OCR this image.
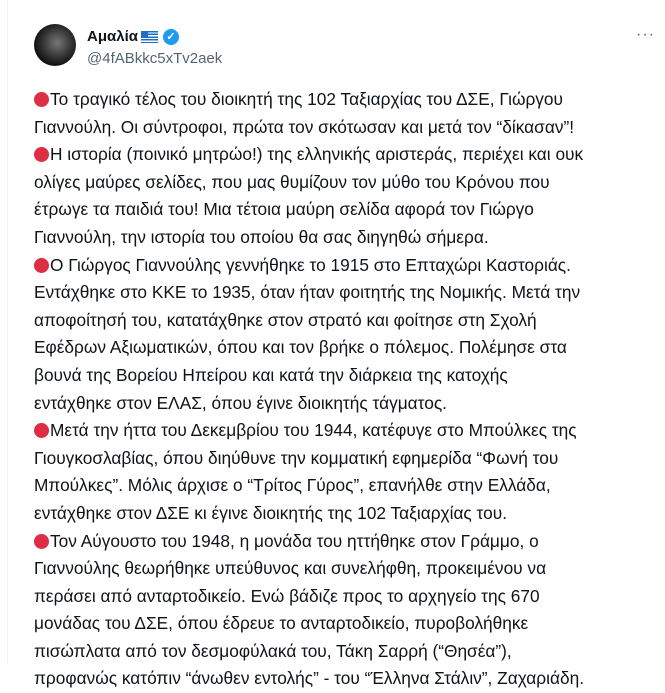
Αμαλία	✓
@4fABkkc5xTv2aek
···
Το τραγικό τέλος του διοικητή της 102 Ταξιαρχίας του ΔΣΕ, Γιώργου
Γιαννούλη. Οι σύντροφοι, πρώτα τον σκότωσαν και μετά τον “δίκασαν”!
Η ιστορία (ποινικό μητρώο!) της ελληνικής αριστεράς, περιέχει και ουκ
ολίγες μαύρες σελίδες, που μας θυμίζουν τον μύθο του Κρόνου που
έτρωγε τα παιδιά του! Μια τέτοια μαύρη σελίδα αφορά τον Γιώργο
Γιαννούλη, την ιστορία του οποίου θα σας διηγηθώ σήμερα.
Ο Γιώργος Γιαννούλης γεννήθηκε το 1915 στο Επταχώρι Καστοριάς.
Εντάχθηκε στο ΚΚΕ το 1935, όταν ήταν φοιτητής της Νομικής. Μετά την
αποφοίτησή του, κατατάχθηκε στον στρατό και φοίτησε στη Σχολή
Εφέδρων Αξιωματικών, όπου και τον βρήκε ο πόλεμος. Πολέμησε στα
βουνά της Βορείου Ηπείρου και κατά την διάρκεια της κατοχής
εντάχθηκε στον ΕΛΑΣ, όπου έγινε διοικητής τάγματος.
Μετά την ήττα του Δεκεμβρίου του 1944, κατέφυγε στο Μπούλκες της
Γιουγκοσλαβίας, όπου διηύθυνε την κομματική εφημερίδα “Φωνή του
Μπούλκες”. Μόλις άρχισε ο “Τρίτος Γύρος”, επανήλθε στην Ελλάδα,
εντάχθηκε στον ΔΣΕ κι έγινε διοικητής της 102 Ταξιαρχίας του.
Τον Αύγουστο του 1948, η μονάδα του ηττήθηκε στον Γράμμο, ο
Γιαννούλης θεωρήθηκε υπεύθυνος και συνελήφθη, προκειμένου να
περάσει από ανταρτοδικείο. Ενώ βάδιζε προς το αρχηγείο της 670
μονάδας του ΔΣΕ, όπου έδρευε το ανταρτοδικείο, πυροβολήθηκε
πισώπλατα από τον δεσμοφύλακά του, Τάκη Σαρρή (“Θησέα”),
προφανώς κατόπιν “άνωθεν εντολής” - του “Έλληνα Στάλιν”, Ζαχαριάδη.
